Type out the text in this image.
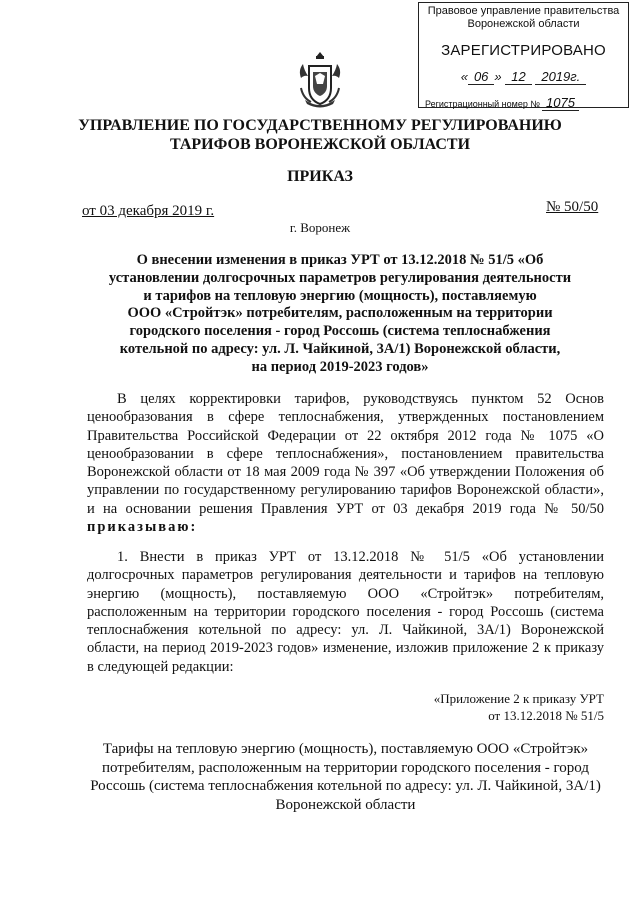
Правовое управление правительства
Воронежской области
ЗАРЕГИСТРИРОВАНО
« 06 » 12 2019г.
Регистрационный номер № 1075
УПРАВЛЕНИЕ ПО ГОСУДАРСТВЕННОМУ РЕГУЛИРОВАНИЮ
ТАРИФОВ ВОРОНЕЖСКОЙ ОБЛАСТИ
ПРИКАЗ
от 03 декабря 2019 г.	№ 50/50
г. Воронеж
О внесении изменения в приказ УРТ от 13.12.2018 № 51/5 «Об
установлении долгосрочных параметров регулирования деятельности
и тарифов на тепловую энергию (мощность), поставляемую
ООО «Стройтэк» потребителям, расположенным на территории
городского поселения - город Россошь (система теплоснабжения
котельной по адресу: ул. Л. Чайкиной, 3А/1) Воронежской области,
на период 2019-2023 годов»
В целях корректировки тарифов, руководствуясь пунктом 52 Основ ценообразования в сфере теплоснабжения, утвержденных постановлением Правительства Российской Федерации от 22 октября 2012 года № 1075 «О ценообразовании в сфере теплоснабжения», постановлением правительства Воронежской области от 18 мая 2009 года № 397 «Об утверждении Положения об управлении по государственному регулированию тарифов Воронежской области», и на основании решения Правления УРТ от 03 декабря 2019 года № 50/50 приказываю:
1. Внести в приказ УРТ от 13.12.2018 № 51/5 «Об установлении долгосрочных параметров регулирования деятельности и тарифов на тепловую энергию (мощность), поставляемую ООО «Стройтэк» потребителям, расположенным на территории городского поселения - город Россошь (система теплоснабжения котельной по адресу: ул. Л. Чайкиной, 3А/1) Воронежской области, на период 2019-2023 годов» изменение, изложив приложение 2 к приказу в следующей редакции:
«Приложение 2 к приказу УРТ
от 13.12.2018 № 51/5
Тарифы на тепловую энергию (мощность), поставляемую ООО «Стройтэк»
потребителям, расположенным на территории городского поселения - город
Россошь (система теплоснабжения котельной по адресу: ул. Л. Чайкиной, 3А/1)
Воронежской области
